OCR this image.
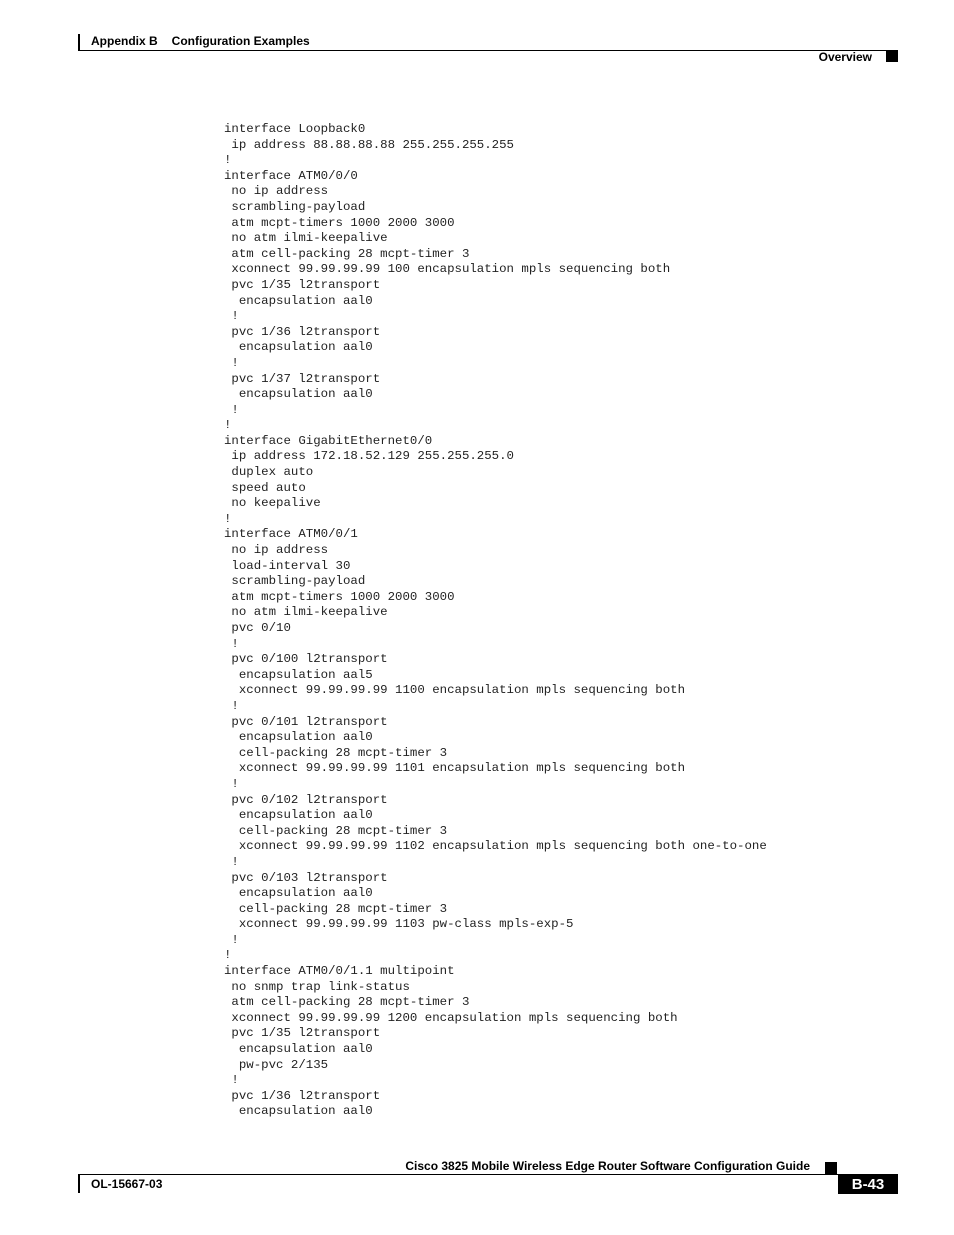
Appendix B Configuration Examples
Overview
interface Loopback0
ip address 88.88.88.88 255.255.255.255
!
interface ATM0/0/0
no ip address
scrambling-payload
atm mcpt-timers 1000 2000 3000
no atm ilmi-keepalive
atm cell-packing 28 mcpt-timer 3
xconnect 99.99.99.99 100 encapsulation mpls sequencing both
pvc 1/35 l2transport
encapsulation aal0
!
pvc 1/36 l2transport
encapsulation aal0
!
pvc 1/37 l2transport
encapsulation aal0
!
!
interface GigabitEthernet0/0
ip address 172.18.52.129 255.255.255.0
duplex auto
speed auto
no keepalive
!
interface ATM0/0/1
no ip address
load-interval 30
scrambling-payload
atm mcpt-timers 1000 2000 3000
no atm ilmi-keepalive
pvc 0/10
!
pvc 0/100 l2transport
encapsulation aal5
xconnect 99.99.99.99 1100 encapsulation mpls sequencing both
!
pvc 0/101 l2transport
encapsulation aal0
cell-packing 28 mcpt-timer 3
xconnect 99.99.99.99 1101 encapsulation mpls sequencing both
!
pvc 0/102 l2transport
encapsulation aal0
cell-packing 28 mcpt-timer 3
xconnect 99.99.99.99 1102 encapsulation mpls sequencing both one-to-one
!
pvc 0/103 l2transport
encapsulation aal0
cell-packing 28 mcpt-timer 3
xconnect 99.99.99.99 1103 pw-class mpls-exp-5
!
!
interface ATM0/0/1.1 multipoint
no snmp trap link-status
atm cell-packing 28 mcpt-timer 3
xconnect 99.99.99.99 1200 encapsulation mpls sequencing both
pvc 1/35 l2transport
encapsulation aal0
pw-pvc 2/135
!
pvc 1/36 l2transport
encapsulation aal0
Cisco 3825 Mobile Wireless Edge Router Software Configuration Guide
OL-15667-03	B-43
